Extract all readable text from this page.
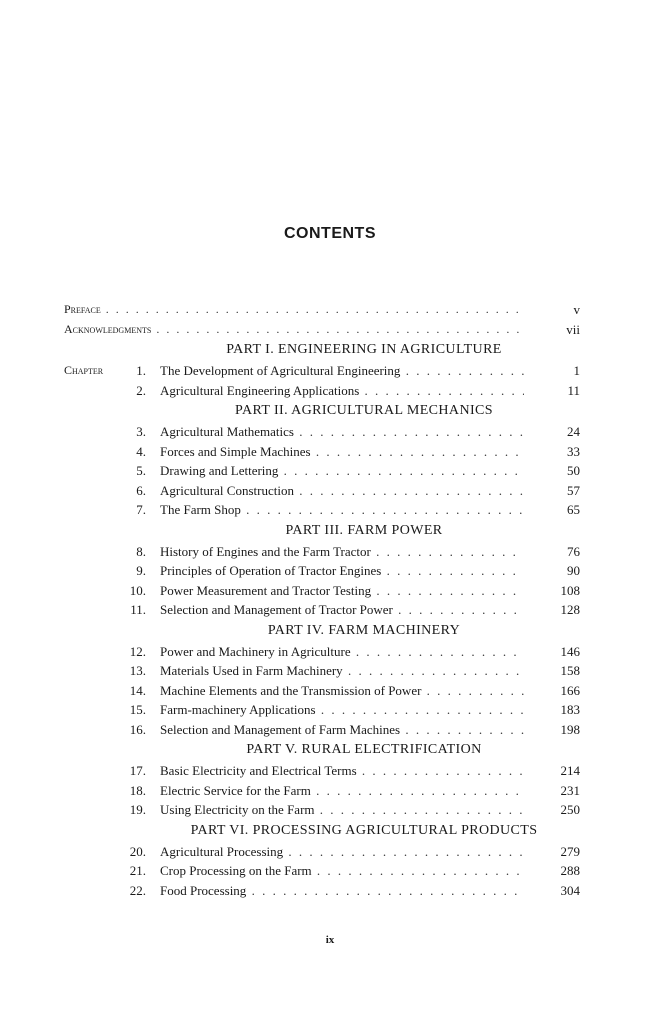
CONTENTS
Preface . . .	v
Acknowledgments . . .	vii
PART I. ENGINEERING IN AGRICULTURE
Chapter	1. The Development of Agricultural Engineering . . .	1
2. Agricultural Engineering Applications . . .	11
PART II. AGRICULTURAL MECHANICS
3. Agricultural Mathematics . . .	24
4. Forces and Simple Machines . . .	33
5. Drawing and Lettering . . .	50
6. Agricultural Construction . . .	57
7. The Farm Shop . . .	65
PART III. FARM POWER
8. History of Engines and the Farm Tractor . . .	76
9. Principles of Operation of Tractor Engines . . .	90
10. Power Measurement and Tractor Testing . . .	108
11. Selection and Management of Tractor Power . . .	128
PART IV. FARM MACHINERY
12. Power and Machinery in Agriculture . . .	146
13. Materials Used in Farm Machinery . . .	158
14. Machine Elements and the Transmission of Power . . .	166
15. Farm-machinery Applications . . .	183
16. Selection and Management of Farm Machines . . .	198
PART V. RURAL ELECTRIFICATION
17. Basic Electricity and Electrical Terms . . .	214
18. Electric Service for the Farm . . .	231
19. Using Electricity on the Farm . . .	250
PART VI. PROCESSING AGRICULTURAL PRODUCTS
20. Agricultural Processing . . .	279
21. Crop Processing on the Farm . . .	288
22. Food Processing . . .	304
ix
